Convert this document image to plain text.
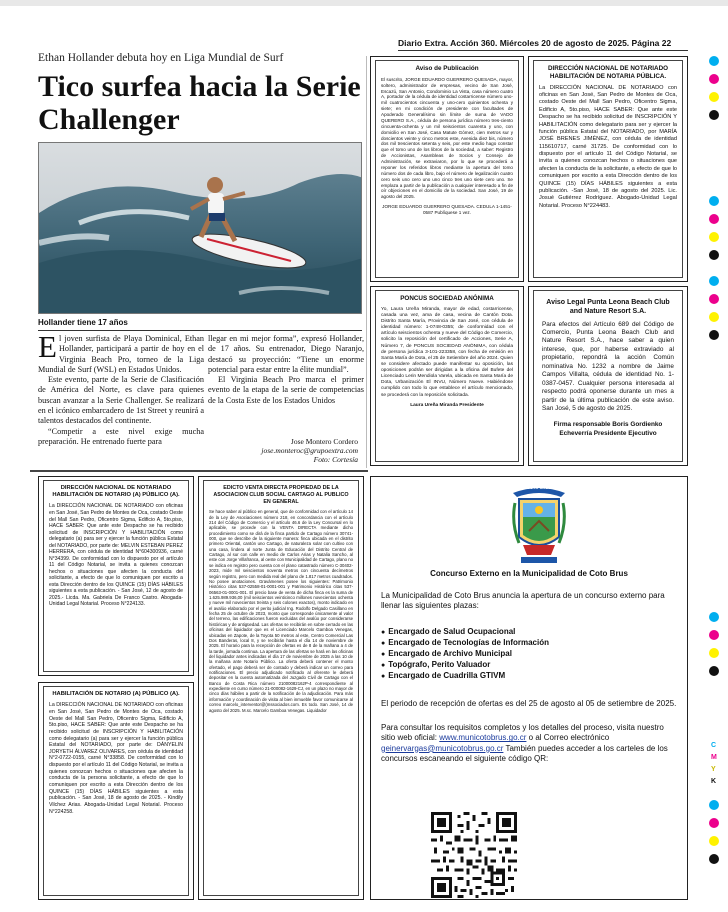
Diario Extra. Acción 360. Miércoles 20 de agosto de 2025. Página 22
C
M
Y
K
Ethan Hollander debuta hoy en Liga Mundial de Surf
Tico surfea hacia la Serie Challenger
Hollander tiene 17 años
E l joven surfista de Playa Dominical, Ethan Hollander, participará a partir de hoy en el Virginia Beach Pro, torneo de la Liga Mundial de Surf (WSL) en Estados Unidos.
Este evento, parte de la Serie de Clasificación de América del Norte, es clave para quienes buscan avanzar a la Serie Challenger. Se realizará en el icónico embarcadero de 1st Street y reunirá a talentos destacados del continente.
“Competir a este nivel exige mucha preparación. He entrenado fuerte para
llegar en mi mejor forma”, expresó Hollander, de 17 años. Su entrenador, Diego Naranjo, destacó su proyección: “Tiene un enorme potencial para estar entre la élite mundial”.
El Virginia Beach Pro marca el primer evento de la etapa de la serie de competencias de la Costa Este de los Estados Unidos
Jose Montero Cordero
jose.monteroc@grupoextra.com
Foto: Cortesía
Aviso de Publicación
El suscrito, JORGE EDUARDO GUERRERO QUESADA, mayor, soltero, administrador de empresas, vecino de San José, Escazú, San Antonio, Condominio La Vista, casa número cuatro A, portador de la cédula de identidad costarricense número uno-mil cuatrocientos cincuenta y uno-cero quinientos ochenta y siete; en mi condición de presidente con facultades de Apoderado Generalísimo sin límite de suma de VADO QUERERO S.A., cédula de persona jurídica número tres-ciento cincuenta-ochenta y un mil seiscientos cuarenta y uno, con domicilio en San José, Casa Matute Gómez, cien metros sur y doscientos veinte y cinco metros este, Avenida diez bis, número dos mil trescientos setenta y seis, por este medio hago constar que el tomo uno de los libros de la sociedad, a saber: Registro de Accionistas, Asambleas de Socios y Consejo de Administración, se extraviaron, por lo que se procederá a reponer los referidos libros mediante la apertura del tomo número dos de cada libro, bajo el número de legalización cuatro cero seis uno cero uno uno cinco tres uno siete cero uno. Se emplaza a partir de la publicación a cualquier interesado a fin de oír objeciones en el domicilio de la sociedad. San José, 19 de agosto del 2025.
JORGE EDUARDO GUERRERO QUESADA. CEDULA 1-1451-0587 Publíquese 1 vez.
DIRECCIÓN NACIONAL DE NOTARIADO HABILITACIÓN DE NOTARIA PÚBLICA.
La DIRECCIÓN NACIONAL DE NOTARIADO con oficinas en San José, San Pedro de Montes de Oca, costado Oeste del Mall San Pedro, Oficentro Sigma, Edificio A, 5to.piso, HACE SABER: Que ante este Despacho se ha recibido solicitud de INSCRIPCIÓN Y HABILITACIÓN como delegatario para ser y ejercer la función pública Estatal del NOTARIADO, por MARÍA JOSÉ BRENES JIMÉNEZ, con cédula de identidad 115610717, carné 31725. De conformidad con lo dispuesto por el artículo 11 del Código Notarial, se invita a quienes conozcan hechos o situaciones que afecten la conducta de la solicitante, a efecto de que lo comuniquen por escrito a esta Dirección dentro de los QUINCE (15) DÍAS HÁBILES siguientes a esta publicación. -San José, 18 de agosto del 2025. Lic. Josué Gutiérrez Rodríguez. Abogado-Unidad Legal Notarial. Proceso N°224483.
PONCUS SOCIEDAD ANÓNIMA
Yo, Laura Ureña Miranda, mayor de edad, costarricense, casada una vez, ama de casa, vecina de Cantón Dota. Distrito Santa María, Provincia de San José, con cédula de identidad número: 1-0748-0355; de conformidad con el artículo seiscientos ochenta y nueve del Código de Comercio, solicito la reposición del certificado de Acciones, Serie A, Número 7, de PONCUS SOCIEDAD ANÓNIMA, con cédula de persona jurídica 3-101-223358, con fecha de emisión en Santa María de Dota, el 25 de Setiembre del año 2024. Quien se considere afectado puede manifestar su oposición, las oposiciones podrán ser dirigidas a la oficina del Bufete del Licenciado Lerin Mendiola Varela, ubicada en Santa María de Dota, Urbanización El INVU, Número Nueve. Habiéndose cumplido con todo lo que establece el artículo mencionado, se procederá con la reposición solicitada.
Laura Ureña Miranda Presidente
Aviso Legal Punta Leona Beach Club and Nature Resort S.A.
Para efectos del Artículo 689 del Código de Comercio, Punta Leona Beach Club and Nature Resort S.A., hace saber a quien interese, que, por haberse extraviado al propietario, repondrá la acción Común nominativa No. 1232 a nombre de Jaime Campos Villalta, cédula de identidad No. 1-0387-0457. Cualquier persona interesada al respecto podrá oponerse durante un mes a partir de la última publicación de este aviso. San José, 5 de agosto de 2025.
Firma responsable Boris Gordienko Echeverría Presidente Ejecutivo
DIRECCIÓN NACIONAL DE NOTARIADO HABILITACIÓN DE NOTARIO (A) PÚBLICO (A).
La DIRECCIÓN NACIONAL DE NOTARIADO con oficinas en San José, San Pedro de Montes de Oca, costado Oeste del Mall San Pedro, Oficentro Sigma, Edificio A, 5to.piso, HACE SABER: Que ante este Despacho se ha recibido solicitud de INSCRIPCIÓN Y HABILITACIÓN como delegatario (a) para ser y ejercer la función pública Estatal del NOTARIADO, por parte de: MELVIN ESTEBAN PEREZ HERRERA, con cédula de identidad N°604300936, carné N°34399. De conformidad con lo dispuesto por el artículo 11 del Código Notarial, se invita a quienes conozcan hechos o situaciones que afecten la conducta del solicitante, a efecto de que lo comuniquen por escrito a esta Dirección dentro de los QUINCE (15) DÍAS HÁBILES siguientes a esta publicación. - San José, 12 de agosto de 2025.- Licda. Ma. Gabriela De Franco Castro. Abogada-Unidad Legal Notarial. Proceso N°224133.
HABILITACIÓN DE NOTARIO (A) PÚBLICO (A).
La DIRECCIÓN NACIONAL DE NOTARIADO con oficinas en San José, San Pedro de Montes de Oca, costado Oeste del Mall San Pedro, Oficentro Sigma, Edificio A, 5to.piso, HACE SABER: Que ante este Despacho se ha recibido solicitud de INSCRIPCIÓN Y HABILITACIÓN como delegatario (a) para ser y ejercer la función pública Estatal del NOTARIADO, por parte de: DÁNYELIN JORYETH ÁLVAREZ OLIVARES, con cédula de identidad N°2-0722-0155, carné N°33858. De conformidad con lo dispuesto por el artículo 11 del Código Notarial, se invita a quienes conozcan hechos o situaciones que afecten la conducta de la persona solicitante, a efecto de que lo comuniquen por escrito a esta Dirección dentro de los QUINCE (15) DÍAS HÁBILES siguientes a esta publicación. - San José, 18 de agosto de 2025. - Kindily Vilchez Arias. Abogada-Unidad Legal Notarial. Proceso N°224258.
EDICTO VENTA DIRECTA PROPIEDAD DE LA ASOCIACION CLUB SOCIAL CARTAGO AL PUBLICO EN GENERAL
Se hace saber al público en general, que de conformidad con el artículo 14 de la Ley de Asociaciones número 218, en concordancia con el artículo 214 del Código de Comercio y el artículo 46.6 de la Ley Concursal en lo aplicable, se procede con la VENTA DIRECTA mediante dicho procedimiento como se dirá de la finca partido de Cartago número 30741-000, que se describe de la siguiente manera: finca ubicada en el distrito primero Oriental, cantón uno Cartago, de naturaleza solar con cultivo con una casa, lindera al norte Junta de Educación del Distrito Central de Cartago, al sur con calle en medio de Carlos Arias y Natalia Sancho, al este con Jorge Villafranca, al oeste con Municipalidad de Cartago, plano no se indica en registro pero cuenta con el plano catastrado número C-30402-2023, mide mil seiscientos noventa metros con cincuenta decímetros según registro, pero con medida real del plano de 1.817 metros cuadrados. No posee anotaciones. Gravámenes posee los siguientes: Patrimonio Histórico citas 537-02558-01-0001-001 y Patrimonio Histórico citas 537-06563-01-0001-001. El precio base de venta de dicha finca es la suma de 1.625.989.936,00 (mil seiscientos veinticinco millones novecientos ochenta y nueve mil novecientos treinta y seis colones exactos), monto indicado en el avalúo elaborado por el perito judicial Ing. Rodolfo Delgado Casillano en fecha 25 de octubre de 2023, monto que corresponde únicamente al valor del terreno, las edificaciones fueron excluidas del avalúo por considerarse históricas y de antigüedad. Las ofertas se recibirán en sobre cerrado en las oficinas del liquidador que es el Licenciado Marcelo Gamboa Venegas, ubicadas en Zapote, de la Toyota 50 metros al este, Centro Comercial Las Dos Banderas, local 8, y se recibirán hasta el día 14 de noviembre de 2025. El horario para la recepción de ofertas es de 8 de la mañana a 4 de la tarde, jornada continua. La apertura de las ofertas se hará en las oficinas del liquidador antes indicadas el día 17 de noviembre de 2025 a las 10 de la mañana ante Notario Público. La oferta deberá contener el monto ofertado, el pago deberá ser de contado y deberá indicar un correo para notificaciones. El precio adjudicado notificado al oferente le deberá depositar en la cuenta automatizada del Juzgado Civil de Cartago con el Banco de Costa Rica número 21000082162P-4 correspondiente al expediente en curso número 21-000082-1629-CJ, en un plazo no mayor de cinco días hábiles a partir de la notificación de la adjudicación. Para más información y coordinación de visita al bien inmueble favor comunicarse al correo marcelo_interventor@(mssociados.com. Es todo. San José, 14 de agosto del 2025. M.sc. Marcelo Gamboa Venegas. Liquidador
COTO BRUS
Concurso Externo en la Municipalidad de Coto Brus
La Municipalidad de Coto Brus anuncia la apertura de un concurso externo para llenar las siguientes plazas:
● Encargado de Salud Ocupacional
● Encargado de Tecnologías de Información
● Encargado de Archivo Municipal
● Topógrafo, Perito Valuador
● Encargado de Cuadrilla GTIVM
El periodo de recepción de ofertas es del 25 de agosto al 05 de setiembre de 2025.
Para consultar los requisitos completos y los detalles del proceso, visita nuestro sitio web oficial: www.municotobrus.go.cr o al Correo electrónico geinervargas@municotobrus.go.cr También puedes acceder a los carteles de los concursos escaneando el siguiente código QR:
